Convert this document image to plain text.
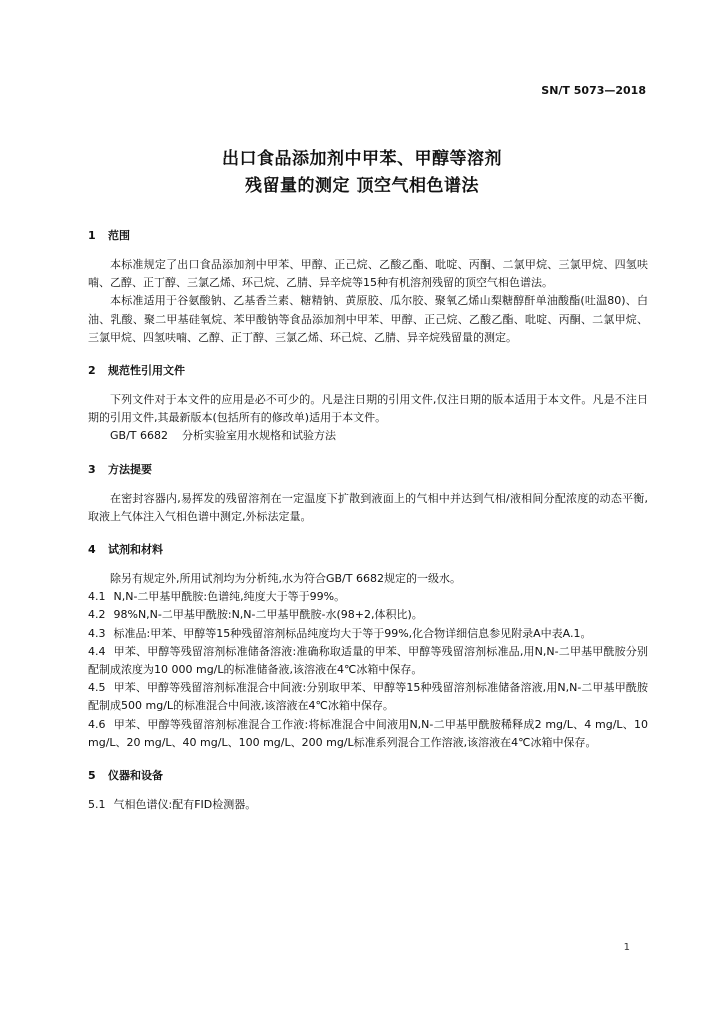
SN/T 5073—2018
出口食品添加剂中甲苯、甲醇等溶剂
残留量的测定 顶空气相色谱法
1 范围
本标准规定了出口食品添加剂中甲苯、甲醇、正己烷、乙酸乙酯、吡啶、丙酮、二氯甲烷、三氯甲烷、四氢呋喃、乙醇、正丁醇、三氯乙烯、环己烷、乙腈、异辛烷等15种有机溶剂残留的顶空气相色谱法。
本标准适用于谷氨酸钠、乙基香兰素、糖精钠、黄原胶、瓜尔胶、聚氧乙烯山梨糖醇酐单油酸酯(吐温80)、白油、乳酸、聚二甲基硅氧烷、苯甲酸钠等食品添加剂中甲苯、甲醇、正己烷、乙酸乙酯、吡啶、丙酮、二氯甲烷、三氯甲烷、四氢呋喃、乙醇、正丁醇、三氯乙烯、环己烷、乙腈、异辛烷残留量的测定。
2 规范性引用文件
下列文件对于本文件的应用是必不可少的。凡是注日期的引用文件,仅注日期的版本适用于本文件。凡是不注日期的引用文件,其最新版本(包括所有的修改单)适用于本文件。
GB/T 6682 分析实验室用水规格和试验方法
3 方法提要
在密封容器内,易挥发的残留溶剂在一定温度下扩散到液面上的气相中并达到气相/液相间分配浓度的动态平衡,取液上气体注入气相色谱中测定,外标法定量。
4 试剂和材料
除另有规定外,所用试剂均为分析纯,水为符合GB/T 6682规定的一级水。
4.1 N,N-二甲基甲酰胺:色谱纯,纯度大于等于99%。
4.2 98%N,N-二甲基甲酰胺:N,N-二甲基甲酰胺-水(98+2,体积比)。
4.3 标准品:甲苯、甲醇等15种残留溶剂标品纯度均大于等于99%,化合物详细信息参见附录A中表A.1。
4.4 甲苯、甲醇等残留溶剂标准储备溶液:准确称取适量的甲苯、甲醇等残留溶剂标准品,用N,N-二甲基甲酰胺分别配制成浓度为10 000 mg/L的标准储备液,该溶液在4℃冰箱中保存。
4.5 甲苯、甲醇等残留溶剂标准混合中间液:分别取甲苯、甲醇等15种残留溶剂标准储备溶液,用N,N-二甲基甲酰胺配制成500 mg/L的标准混合中间液,该溶液在4℃冰箱中保存。
4.6 甲苯、甲醇等残留溶剂标准混合工作液:将标准混合中间液用N,N-二甲基甲酰胺稀释成2 mg/L、4 mg/L、10 mg/L、20 mg/L、40 mg/L、100 mg/L、200 mg/L标准系列混合工作溶液,该溶液在4℃冰箱中保存。
5 仪器和设备
5.1 气相色谱仪:配有FID检测器。
1
